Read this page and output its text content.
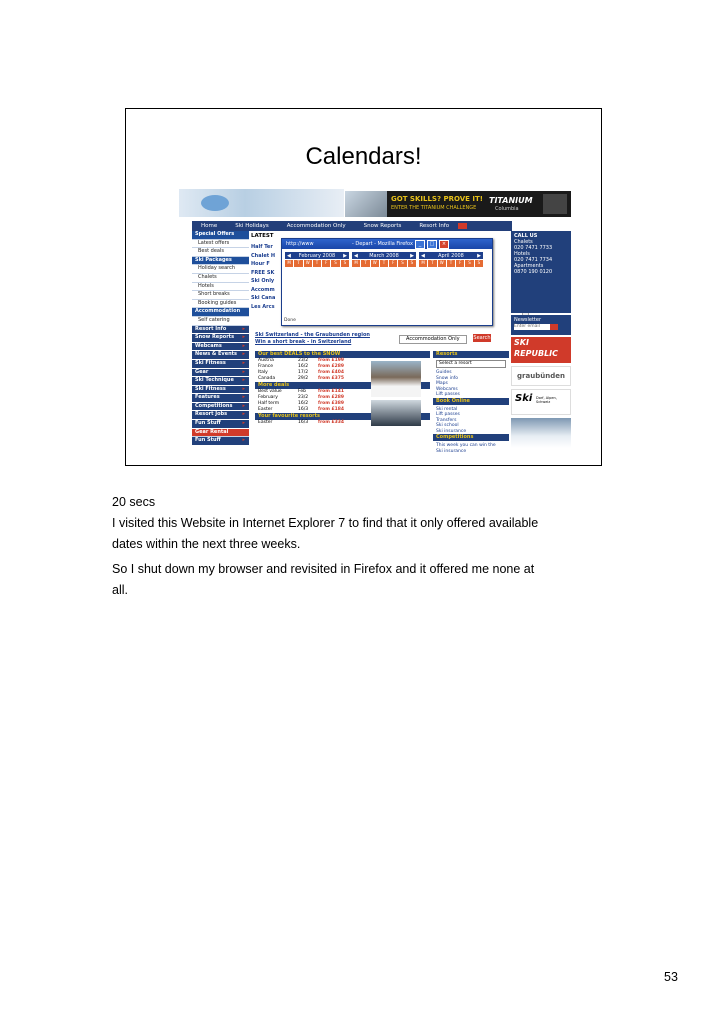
Calendars!
GOT SKILLS? PROVE IT!
ENTER THE TITANIUM CHALLENGE
TITANIUM
Columbia
Home	Ski Holidays	Accommodation Only	Snow Reports	Resort Info
Special Offers
Latest offers
Best deals
Ski Packages
Holiday search
Chalets
Hotels
Short breaks
Booking guides
Accommodation
Self catering
Resort Info ▸
Snow Reports ▸
Webcams ▸
News & Events ▸
Ski Fitness ▸
Gear ▸
Ski Technique ▸
Ski Fitness ▸
Features ▸
Competitions ▸
Resort Jobs ▸
Fun Stuff ▸
Gear Rental
Fun Stuff ▸
LATEST
Half Ter
Chalet H
Hour F
FREE SK
Ski Only
Accomm
Ski Cana
Les Arcs
http://www	- Depart - Mozilla Firefox	_	□	×
◀ February 2008 ▶
M	T	W	T	F	S	S
◀ March 2008 ▶
M	T	W	T	F	S	S
◀	April 2008	▶
M	T	W	T	F	S	S
Done
Ski Switzerland - the Graubunden region
Win a short break - in Switzerland	Accommodation Only	Search
Our best DEALS to the SNOW
Austria	23/2	from £199
France	16/2	from £289
Italy	17/2	from £404
Canada	29/2	from £375
More deals
Best value	Feb	from £141
February	23/2	from £289
Half term	16/2	from £389
Easter	16/3	from £184
Your favourite resorts
Easter	16/3	from £334
Resorts
Select a resort
Guides
Snow info
Maps
Webcams
Lift passes
Book Online
Ski rental
Lift passes
Transfers
Ski school
Ski insurance
Competitions
This week you can win the
Ski insurance
CALL US
Chalets
020 7471 7733
Hotels
020 7471 7734
Apartments
0870 190 0120
Newsletter
Enter email
SKI
REPUBLIC
graubünden
Ski Dorf, Alpen, Schweiz
20 secs
I visited this Website in Internet Explorer 7 to find that it only offered available
dates within the next three weeks.
So I shut down my browser and revisited in Firefox and it offered me none at
all.
53
